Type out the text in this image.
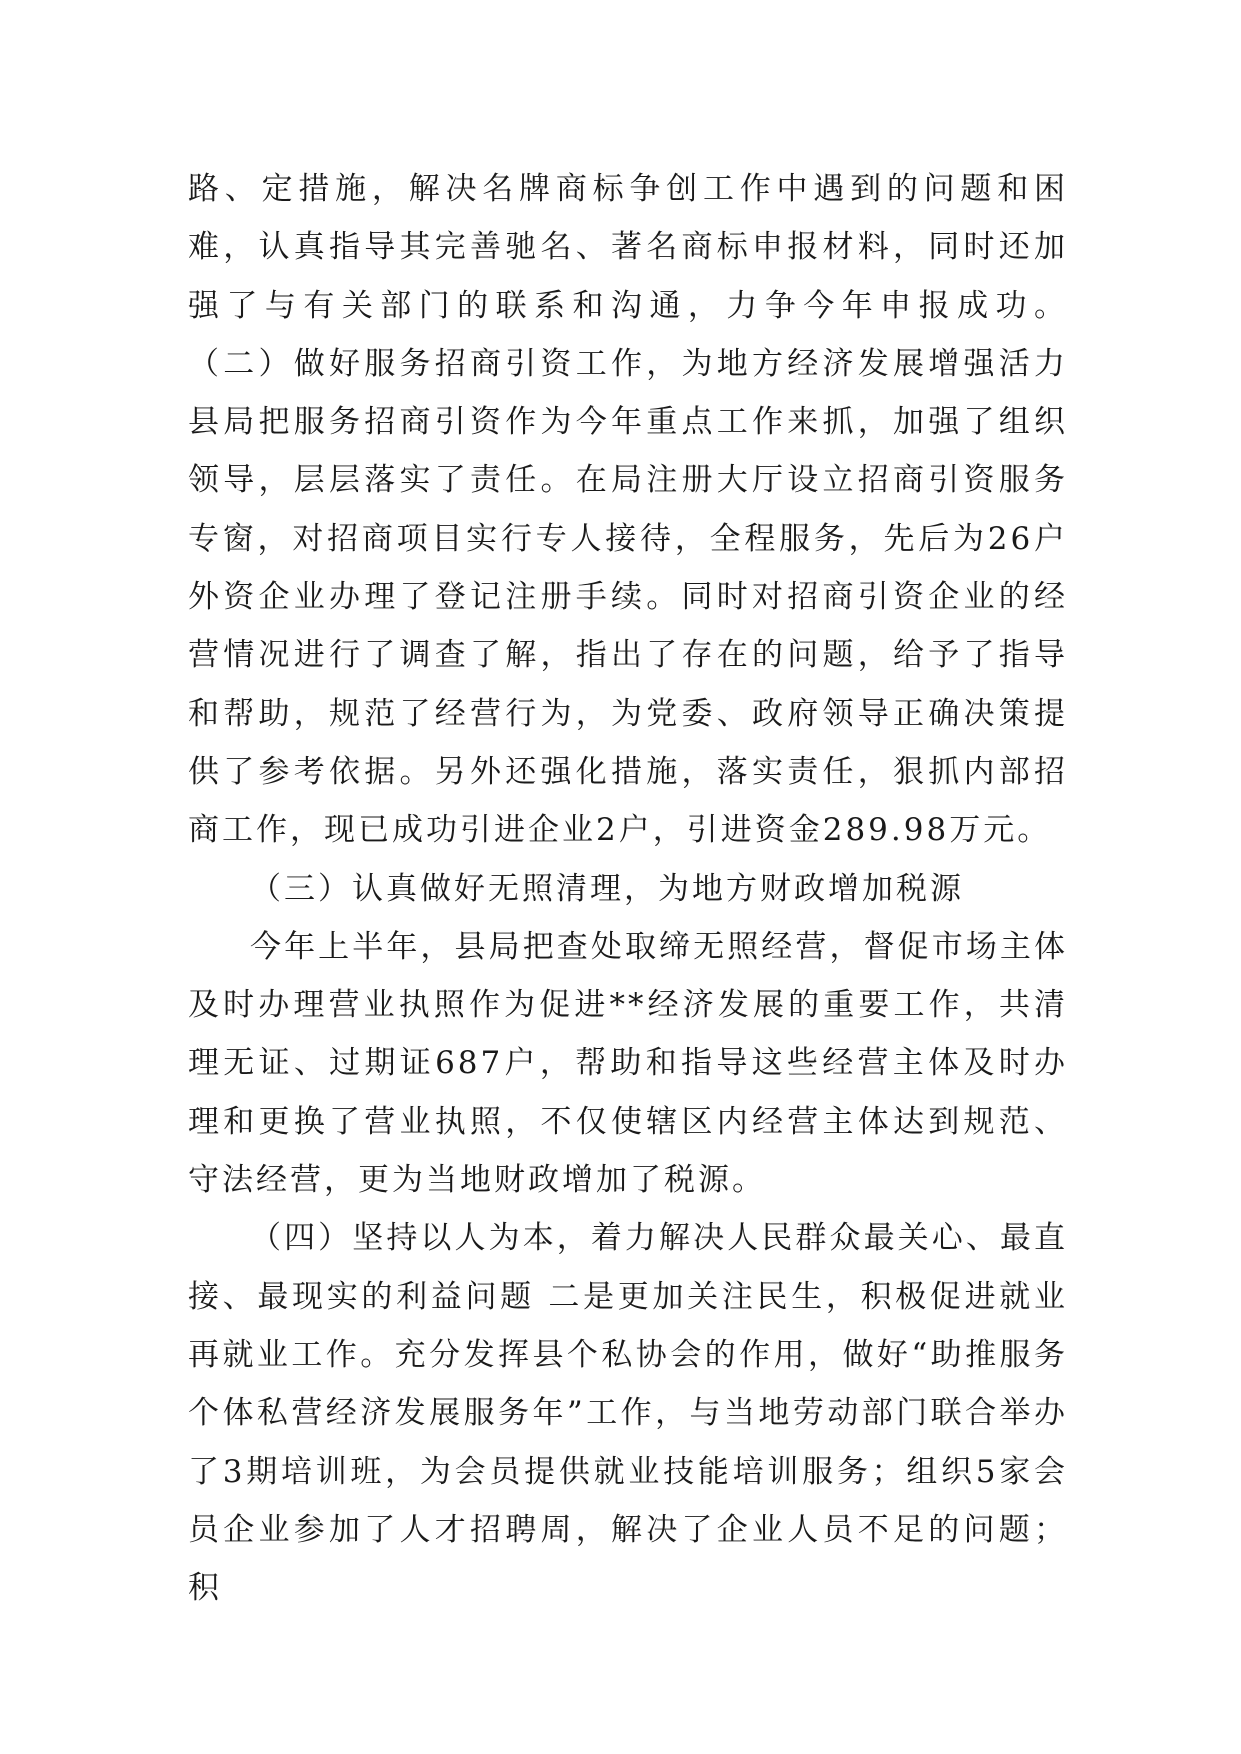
路、定措施，解决名牌商标争创工作中遇到的问题和困难，认真指导其完善驰名、著名商标申报材料，同时还加强了与有关部门的联系和沟通，力争今年申报成功。 （二）做好服务招商引资工作，为地方经济发展增强活力 县局把服务招商引资作为今年重点工作来抓，加强了组织领导，层层落实了责任。在局注册大厅设立招商引资服务专窗，对招商项目实行专人接待，全程服务，先后为26户外资企业办理了登记注册手续。同时对招商引资企业的经营情况进行了调查了解，指出了存在的问题，给予了指导和帮助，规范了经营行为，为党委、政府领导正确决策提供了参考依据。另外还强化措施，落实责任，狠抓内部招商工作，现已成功引进企业2户，引进资金289.98万元。

（三）认真做好无照清理，为地方财政增加税源

今年上半年，县局把查处取缔无照经营，督促市场主体及时办理营业执照作为促进**经济发展的重要工作，共清理无证、过期证687户，帮助和指导这些经营主体及时办理和更换了营业执照，不仅使辖区内经营主体达到规范、守法经营，更为当地财政增加了税源。

（四）坚持以人为本，着力解决人民群众最关心、最直接、最现实的利益问题 二是更加关注民生，积极促进就业再就业工作。充分发挥县个私协会的作用，做好“助推服务个体私营经济发展服务年”工作，与当地劳动部门联合举办了3期培训班，为会员提供就业技能培训服务；组织5家会员企业参加了人才招聘周，解决了企业人员不足的问题；积
